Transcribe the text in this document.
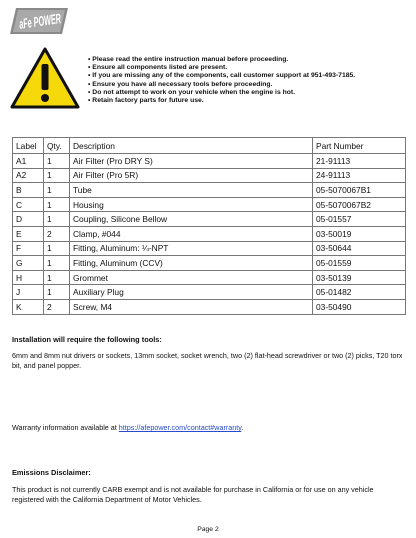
aFe POWER
• Please read the entire instruction manual before proceeding.
• Ensure all components listed are present.
• If you are missing any of the components, call customer support at 951-493-7185.
• Ensure you have all necessary tools before proceeding.
• Do not attempt to work on your vehicle when the engine is hot.
• Retain factory parts for future use.
Label	Qty.	Description	Part Number
A1	1	Air Filter (Pro DRY S)	21-91113
A2	1	Air Filter (Pro 5R)	24-91113
B	1	Tube	05-5070067B1
C	1	Housing	05-5070067B2
D	1	Coupling, Silicone Bellow	05-01557
E	2	Clamp, #044	03-50019
F	1	Fitting, Aluminum: ¼-NPT	03-50644
G	1	Fitting, Aluminum (CCV)	05-01559
H	1	Grommet	03-50139
J	1	Auxiliary Plug	05-01482
K	2	Screw, M4	03-50490
Installation will require the following tools:
6mm and 8mm nut drivers or sockets, 13mm socket, socket wrench, two (2) flat-head screwdriver or two (2) picks, T20 torx bit, and panel popper.
Warranty information available at https://afepower.com/contact#warranty.
Emissions Disclaimer:
This product is not currently CARB exempt and is not available for purchase in California or for use on any vehicle registered with the California Department of Motor Vehicles.
Page 2
